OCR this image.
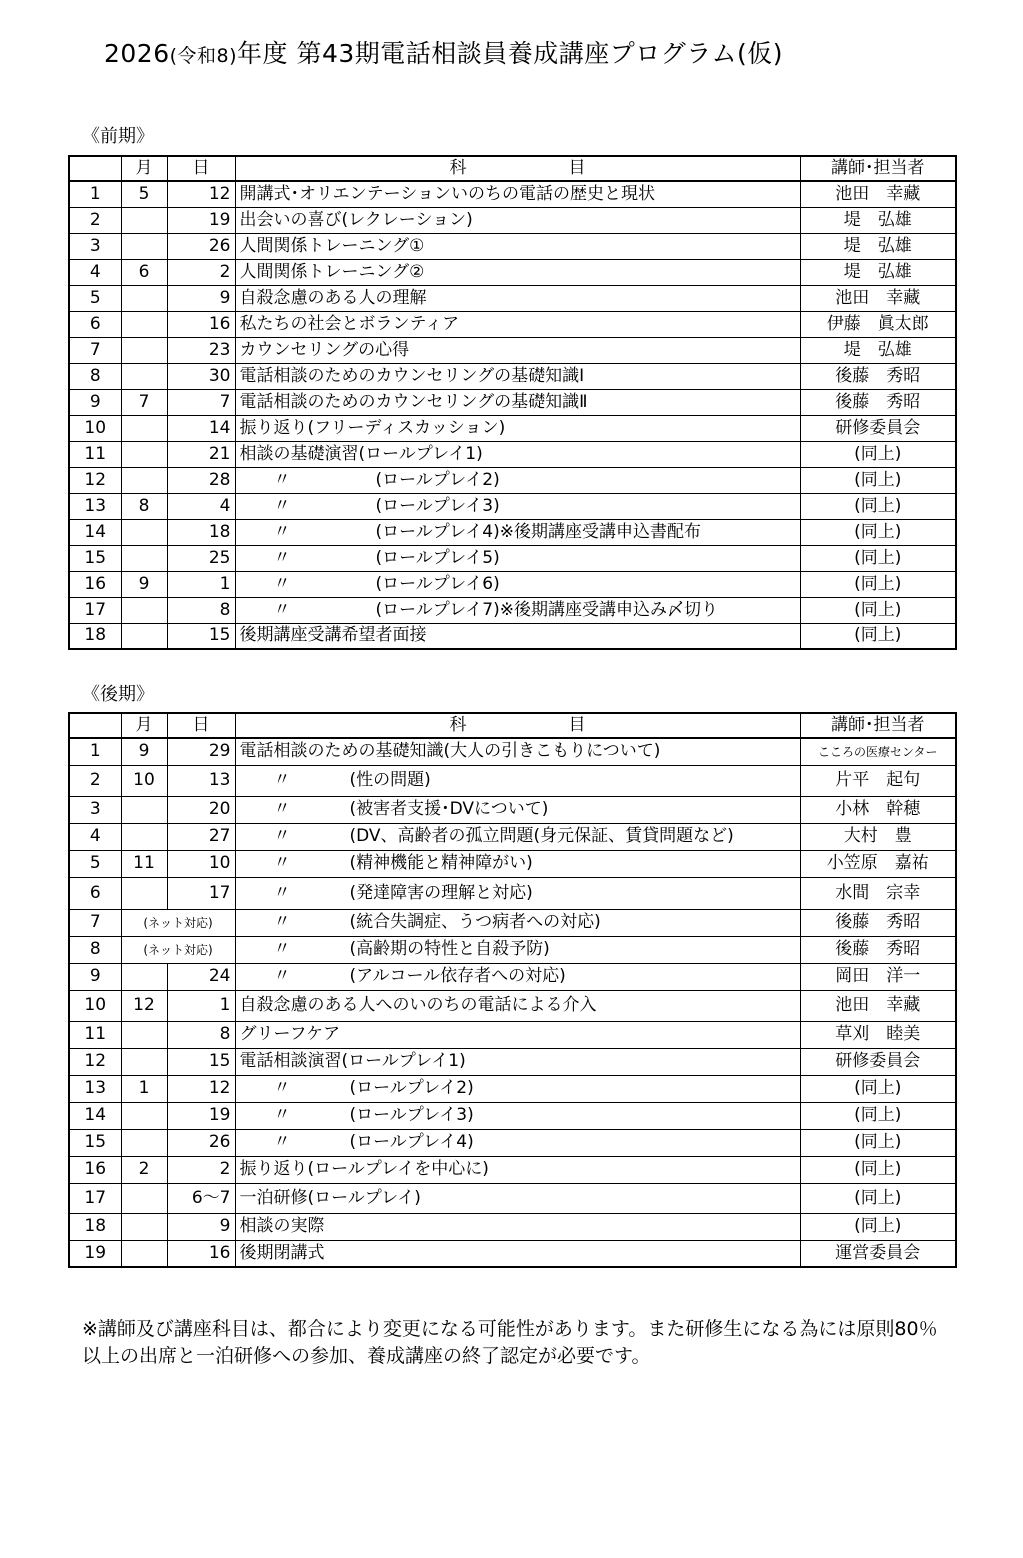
2026(令和8)年度 第43期電話相談員養成講座プログラム(仮)
《前期》
	月	日	科　　　　　　目	講師･担当者
1	5	12	開講式･オリエンテーションいのちの電話の歴史と現状	池田　幸藏
2		19	出会いの喜び(レクレーション)	堤　弘雄
3		26	人間関係トレーニング①	堤　弘雄
4	6	2	人間関係トレーニング②	堤　弘雄
5		9	自殺念慮のある人の理解	池田　幸藏
6		16	私たちの社会とボランティア	伊藤　眞太郎
7		23	カウンセリングの心得	堤　弘雄
8		30	電話相談のためのカウンセリングの基礎知識Ⅰ	後藤　秀昭
9	7	7	電話相談のためのカウンセリングの基礎知識Ⅱ	後藤　秀昭
10		14	振り返り(フリーディスカッション)	研修委員会
11		21	相談の基礎演習(ロールプレイ1)	(同上)
12		28	〃 (ロールプレイ2)	(同上)
13	8	4	〃 (ロールプレイ3)	(同上)
14		18	〃 (ロールプレイ4)※後期講座受講申込書配布	(同上)
15		25	〃 (ロールプレイ5)	(同上)
16	9	1	〃 (ロールプレイ6)	(同上)
17		8	〃 (ロールプレイ7)※後期講座受講申込み〆切り	(同上)
18		15	後期講座受講希望者面接	(同上)
《後期》
	月	日	科　　　　　　目	講師･担当者
1	9	29	電話相談のための基礎知識(大人の引きこもりについて)	こころの医療センター
2	10	13	〃 (性の問題)	片平　起句
3		20	〃 (被害者支援･DVについて)	小林　幹穂
4		27	〃 (DV、高齢者の孤立問題(身元保証、賃貸問題など)	大村　豊
5	11	10	〃 (精神機能と精神障がい)	小笠原　嘉祐
6		17	〃 (発達障害の理解と対応)	水間　宗幸
7	(ネット対応)		〃 (統合失調症、うつ病者への対応)	後藤　秀昭
8	(ネット対応)		〃 (高齢期の特性と自殺予防)	後藤　秀昭
9		24	〃 (アルコール依存者への対応)	岡田　洋一
10	12	1	自殺念慮のある人へのいのちの電話による介入	池田　幸藏
11		8	グリーフケア	草刈　睦美
12		15	電話相談演習(ロールプレイ1)	研修委員会
13	1	12	〃 (ロールプレイ2)	(同上)
14		19	〃 (ロールプレイ3)	(同上)
15		26	〃 (ロールプレイ4)	(同上)
16	2	2	振り返り(ロールプレイを中心に)	(同上)
17		6～7	一泊研修(ロールプレイ)	(同上)
18		9	相談の実際	(同上)
19		16	後期閉講式	運営委員会
※講師及び講座科目は、都合により変更になる可能性があります。また研修生になる為には原則80％以上の出席と一泊研修への参加、養成講座の終了認定が必要です。
